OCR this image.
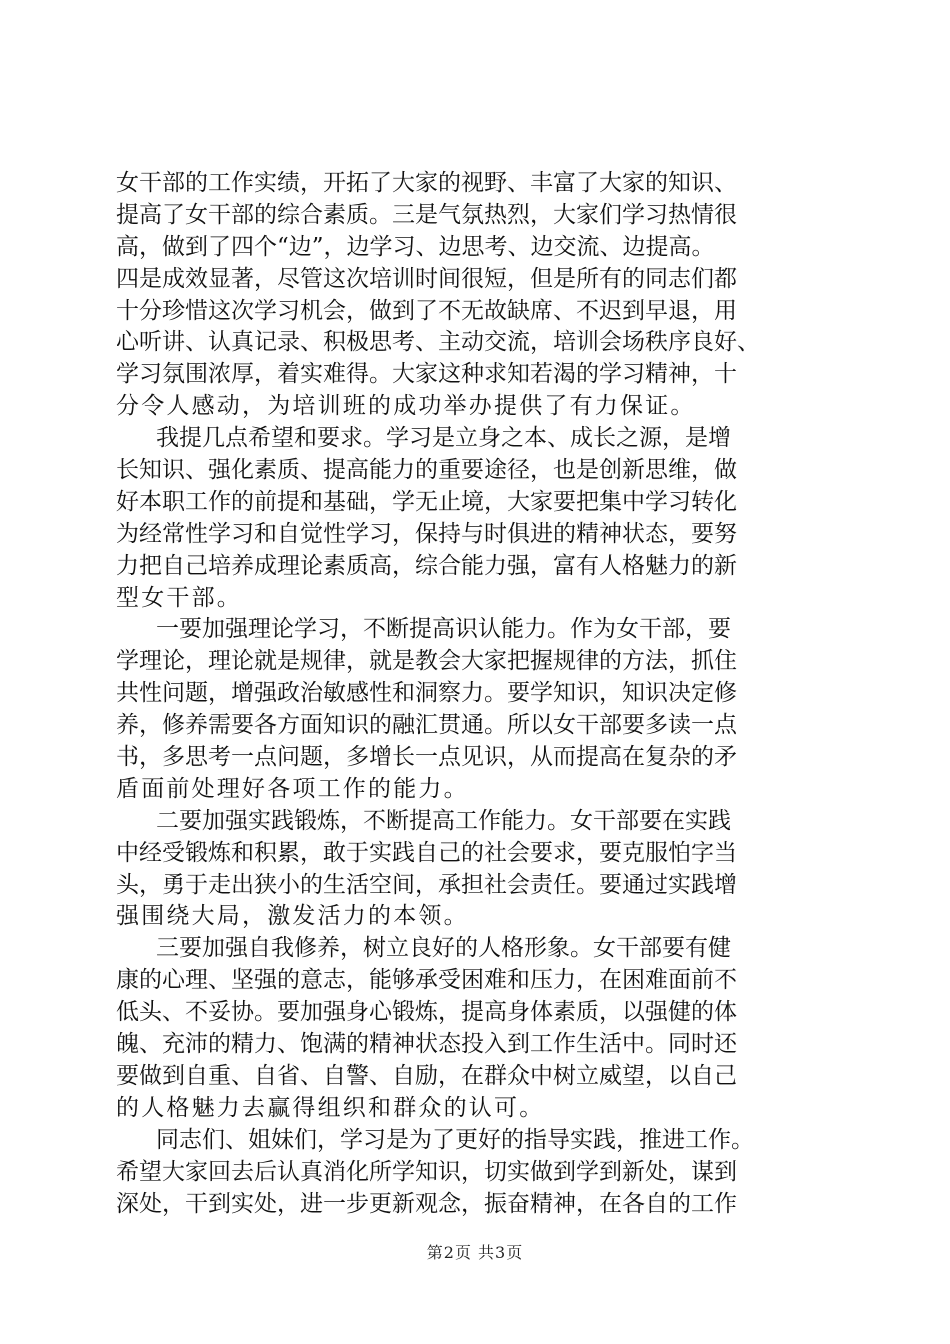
女干部的工作实绩，开拓了大家的视野、丰富了大家的知识、
提高了女干部的综合素质。三是气氛热烈，大家们学习热情很
高，做到了四个“边”，边学习、边思考、边交流、边提高。
四是成效显著，尽管这次培训时间很短，但是所有的同志们都
十分珍惜这次学习机会，做到了不无故缺席、不迟到早退，用
心听讲、认真记录、积极思考、主动交流，培训会场秩序良好、
学习氛围浓厚，着实难得。大家这种求知若渴的学习精神，十
分令人感动，为培训班的成功举办提供了有力保证。
我提几点希望和要求。学习是立身之本、成长之源，是增
长知识、强化素质、提高能力的重要途径，也是创新思维，做
好本职工作的前提和基础，学无止境，大家要把集中学习转化
为经常性学习和自觉性学习，保持与时俱进的精神状态，要努
力把自己培养成理论素质高，综合能力强，富有人格魅力的新
型女干部。
一要加强理论学习，不断提高识认能力。作为女干部，要
学理论，理论就是规律，就是教会大家把握规律的方法，抓住
共性问题，增强政治敏感性和洞察力。要学知识，知识决定修
养，修养需要各方面知识的融汇贯通。所以女干部要多读一点
书，多思考一点问题，多增长一点见识，从而提高在复杂的矛
盾面前处理好各项工作的能力。
二要加强实践锻炼，不断提高工作能力。女干部要在实践
中经受锻炼和积累，敢于实践自己的社会要求，要克服怕字当
头，勇于走出狭小的生活空间，承担社会责任。要通过实践增
强围绕大局，激发活力的本领。
三要加强自我修养，树立良好的人格形象。女干部要有健
康的心理、坚强的意志，能够承受困难和压力，在困难面前不
低头、不妥协。要加强身心锻炼，提高身体素质，以强健的体
魄、充沛的精力、饱满的精神状态投入到工作生活中。同时还
要做到自重、自省、自警、自励，在群众中树立威望，以自己
的人格魅力去赢得组织和群众的认可。
同志们、姐妹们，学习是为了更好的指导实践，推进工作。
希望大家回去后认真消化所学知识，切实做到学到新处，谋到
深处，干到实处，进一步更新观念，振奋精神，在各自的工作
第2页 共3页
